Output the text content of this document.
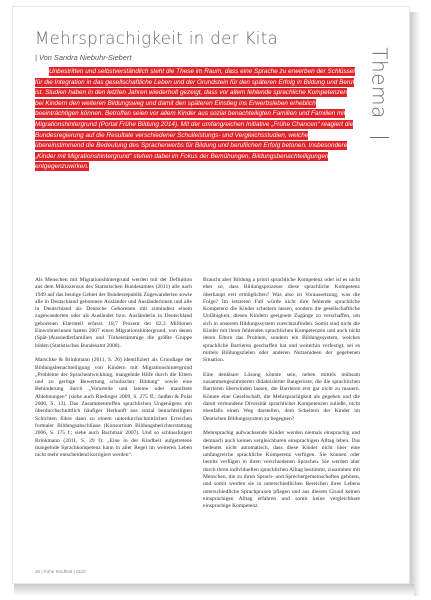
Mehrsprachigkeit in der Kita
| Von Sandra Niebuhr-Siebert	Thema

Unbestritten und selbstverständlich steht die These im Raum, dass eine Sprache zu erwerben der Schlüssel für die Integration in das gesellschaftliche Leben und der Grundstein für den späteren Erfolg in Bildung und Beruf ist. Studien haben in den letzten Jahren wiederholt gezeigt, dass vor allem fehlende sprachliche Kompetenzen bei Kindern den weiteren Bildungsweg und damit den späteren Einstieg ins Erwerbsleben erheblich beeinträchtigen können. Betroffen seien vor allem Kinder aus sozial benachteiligten Familien und Familien mit Migrationshintergrund (Portal Frühe Bildung 2014). Mit der umfangreichen Initiative „Frühe Chancen“ reagiert die Bundesregierung auf die Resultate verschiedener Schulleistungs- und Vergleichsstudien, welche übereinstimmend die Bedeutung des Spracherwerbs für Bildung und beruflichen Erfolg betonen. Insbesondere „Kinder mit Migrationshintergrund“ stehen dabei im Fokus der Bemühungen, Bildungsbenachteiligungen entgegenzuwirken.

Als Menschen mit Migrationshintergrund werden mit der Definition aus dem Mikrozensus des Statistischen Bundesamtes (2011) alle nach 1949 auf das heutige Gebiet der Bundesrepublik Zugewanderten sowie alle in Deutschland geborenen Ausländer und Ausländerinnen und alle in Deutschland als Deutsche Geborenen mit zumindest einem zugewanderten oder als Ausländer bzw. Ausländerin in Deutschland geborenen Elternteil erfasst. 18,7 Prozent der 82,3 Millionen Einwohnerinnen hatten 2007 einen Migrationshintergrund, von denen (Spät-)Aussiedlerfamilien und Türkeistämmige die größte Gruppe bilden (Statistisches Bundesamt 2008).

Marschke & Brinkmann (2011, S. 26) identifiziert als Grundlage der Bildungsbenachteiligung von Kindern mit Migrationshintergrund „Probleme der Sprachentwicklung, mangelnde Hilfe durch die Eltern und zu geringe Bewertung schulischer Bildung“ sowie eine Behinderung durch „Vorurteile und latente oder manifeste Ablehnungen“ (siehe auch Riedinger 2009, S. 275 ff.; Janßen & Polat 2006, S. 13). Das Zusammentreffen sprachlichen Ungenügens mit überdurchschnittlich häufiger Herkunft aus sozial benachteiligten Schichten führe dann zu einem unterdurchschnittlichen Erreichen formaler Bildungsabschlüsse (Konsortium Bildungsberichterstattung 2006, S. 175 f.; siehe auch Bachmair 2007). Und so schlussfolgert Brinkmann (2011, S. 29 f): „Eine in der Kindheit aufgetretene mangelnde Sprachkompetenz kann in aller Regel im weiteren Leben nicht mehr entscheidend korrigiert werden“.

Braucht aber Bildung a priori sprachliche Kompetenz oder ist es nicht eher so, dass Bildungsprozesse diese sprachliche Kompetenz überhaupt erst ermöglichen? Was also ist Voraussetzung, was die Folge? Im letzteren Fall würde nicht ihre fehlende sprachliche Kompetenz die Kinder scheitern lassen, sondern die gesellschaftliche Unfähigkeit, diesen Kindern geeignete Zugänge zu verschaffen, um sich in unserem Bildungssystem zurechtzufinden. Somit sind nicht die Kinder mit ihren fehlenden sprachlichen Kompetenzen und auch nicht deren Eltern das Problem, sondern ein Bildungssystem, welches sprachliche Barrieren geschaffen hat und weiterhin verfestigt, sei es mittels Bildungszielen oder anderen Nutzenideen der gegebenen Situation.

Eine denkbare Lösung könnte sein, neben mittels mühsam zusammengezimmerter didaktisierter Baugerüste, die die sprachlichen Barrieren überwinden lassen, die Barrieren erst gar nicht zu mauern. Könnte eine Gesellschaft, die Mehrsprachigkeit als gegeben und die damit verbundene Diversität sprachlicher Kompetenzen zuließe, nicht ebenfalls einen Weg darstellen, dem Scheitern der Kinder im Deutschen Bildungssystem zu begegnen?

Mehrsprachig aufwachsende Kinder werden niemals einsprachig und demnach auch keinen vergleichbaren einsprachigen Alltag leben. Das bedeutet nicht automatisch, dass diese Kinder nicht über eine umfangreiche sprachliche Kompetenz verfügen. Sie können oder bereits verfügen in ihren verschiedenen Sprachen. Sie werden aber durch ihren individuellen sprachlichen Alltag bestimmt, zusammen mit Menschen, die zu ihren Sprach- und Sprechergemeinschaften gehören, und somit werden sie in unterschiedlichen Bereichen ihres Lebens unterschiedliche Sprachpraxen pflegen und aus diesem Grund keinen einsprachigen Alltag erfahren und somit keine vergleichbare einsprachige Kompetenz.

36 | frühe Kindheit | 0110
